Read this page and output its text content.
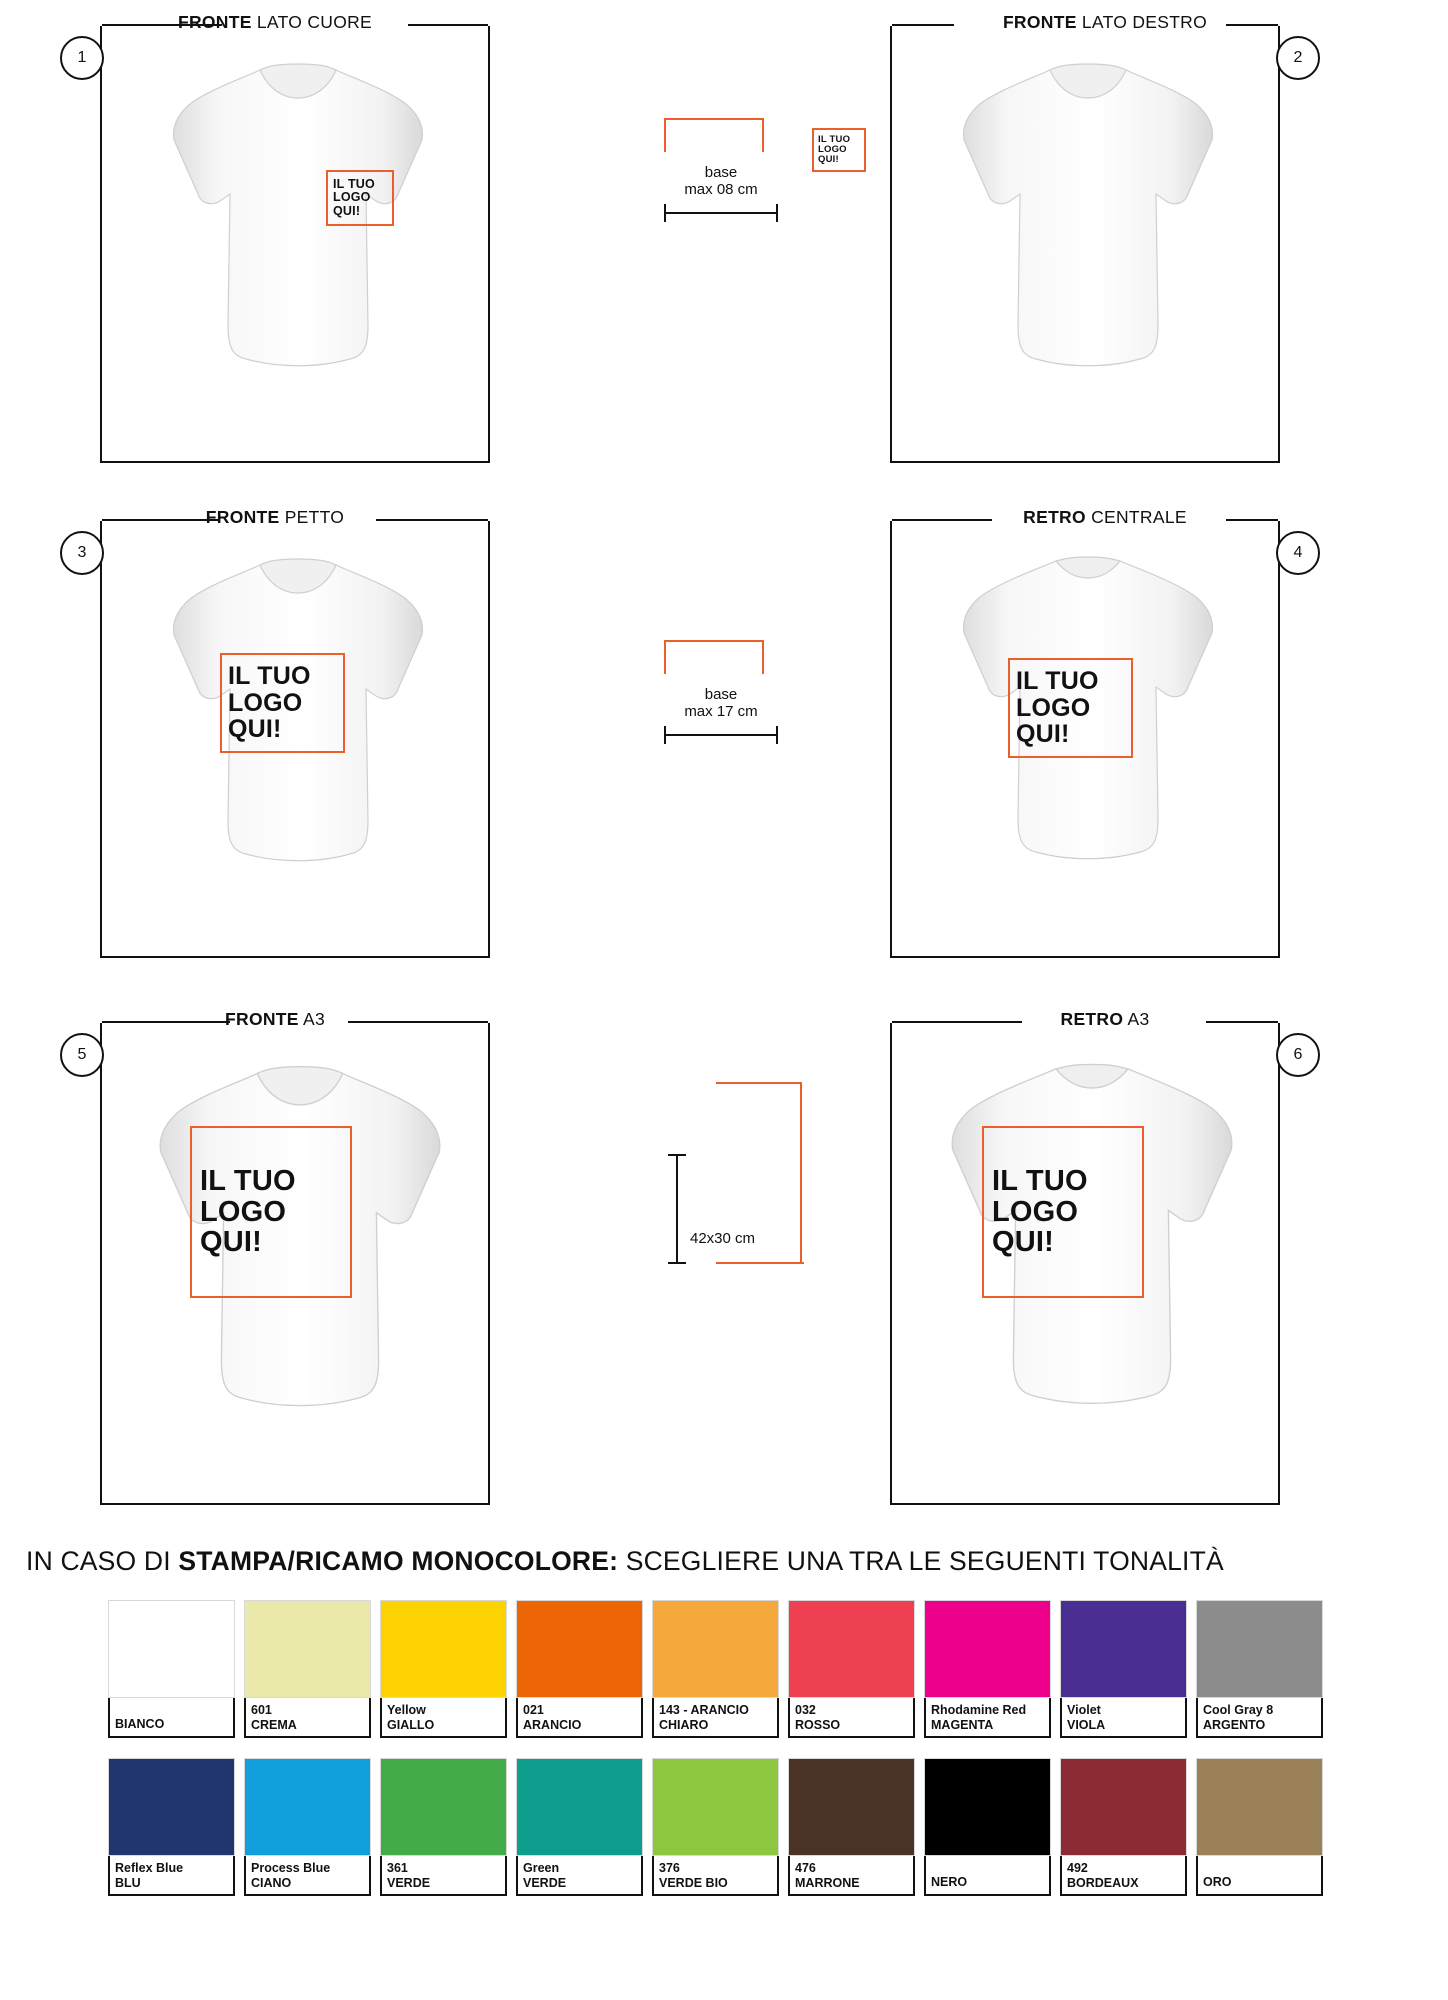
1
FRONTE LATO CUORE
IL TUO
LOGO
QUI!
2
FRONTE LATO DESTRO
IL TUO
LOGO
QUI!
3
FRONTE PETTO
IL TUO
LOGO
QUI!
4
RETRO CENTRALE
IL TUO
LOGO
QUI!
5
FRONTE A3
IL TUO
LOGO
QUI!
6
RETRO A3
IL TUO
LOGO
QUI!
base
max 08 cm
base
max 17 cm
42x30 cm
IN CASO DI STAMPA/RICAMO MONOCOLORE: SCEGLIERE UNA TRA LE SEGUENTI TONALITÀ
BIANCO
601
CREMA
Yellow
GIALLO
021
ARANCIO
143 - ARANCIO
CHIARO
032
ROSSO
Rhodamine Red
MAGENTA
Violet
VIOLA
Cool Gray 8
ARGENTO
Reflex Blue
BLU
Process Blue
CIANO
361
VERDE
Green
VERDE
376
VERDE BIO
476
MARRONE	NERO
492
BORDEAUX	ORO
